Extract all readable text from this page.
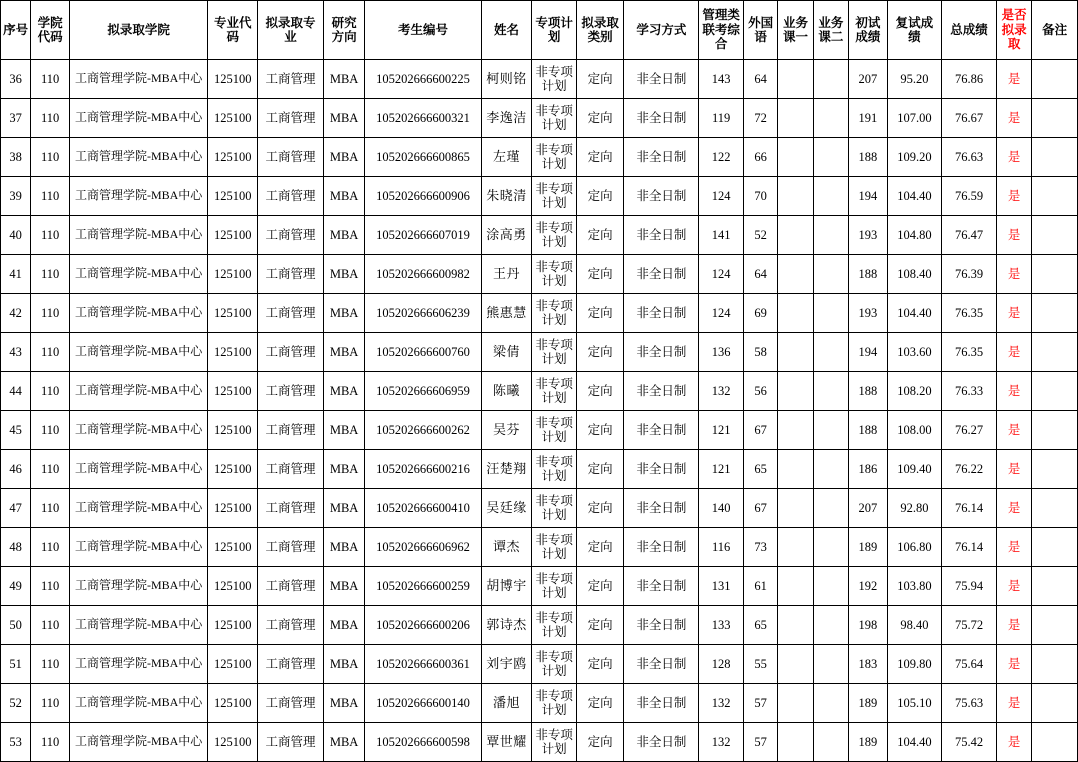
序号	学院代码	拟录取学院	专业代码	拟录取专业	研究方向	考生编号	姓名	专项计划	拟录取类别	学习方式	管理类联考综合	外国语	业务课一	业务课二	初试成绩	复试成绩	总成绩	是否拟录取	备注
36	110	工商管理学院-MBA中心	125100	工商管理	MBA	105202666600225	柯则铭	非专项计划	定向	非全日制	143	64			207	95.20	76.86	是	
37	110	工商管理学院-MBA中心	125100	工商管理	MBA	105202666600321	李逸洁	非专项计划	定向	非全日制	119	72			191	107.00	76.67	是	
38	110	工商管理学院-MBA中心	125100	工商管理	MBA	105202666600865	左瑾	非专项计划	定向	非全日制	122	66			188	109.20	76.63	是	
39	110	工商管理学院-MBA中心	125100	工商管理	MBA	105202666600906	朱晓清	非专项计划	定向	非全日制	124	70			194	104.40	76.59	是	
40	110	工商管理学院-MBA中心	125100	工商管理	MBA	105202666607019	涂高勇	非专项计划	定向	非全日制	141	52			193	104.80	76.47	是	
41	110	工商管理学院-MBA中心	125100	工商管理	MBA	105202666600982	王丹	非专项计划	定向	非全日制	124	64			188	108.40	76.39	是	
42	110	工商管理学院-MBA中心	125100	工商管理	MBA	105202666606239	熊惠慧	非专项计划	定向	非全日制	124	69			193	104.40	76.35	是	
43	110	工商管理学院-MBA中心	125100	工商管理	MBA	105202666600760	梁倩	非专项计划	定向	非全日制	136	58			194	103.60	76.35	是	
44	110	工商管理学院-MBA中心	125100	工商管理	MBA	105202666606959	陈曦	非专项计划	定向	非全日制	132	56			188	108.20	76.33	是	
45	110	工商管理学院-MBA中心	125100	工商管理	MBA	105202666600262	吴芬	非专项计划	定向	非全日制	121	67			188	108.00	76.27	是	
46	110	工商管理学院-MBA中心	125100	工商管理	MBA	105202666600216	汪楚翔	非专项计划	定向	非全日制	121	65			186	109.40	76.22	是	
47	110	工商管理学院-MBA中心	125100	工商管理	MBA	105202666600410	吴廷缘	非专项计划	定向	非全日制	140	67			207	92.80	76.14	是	
48	110	工商管理学院-MBA中心	125100	工商管理	MBA	105202666606962	谭杰	非专项计划	定向	非全日制	116	73			189	106.80	76.14	是	
49	110	工商管理学院-MBA中心	125100	工商管理	MBA	105202666600259	胡博宇	非专项计划	定向	非全日制	131	61			192	103.80	75.94	是	
50	110	工商管理学院-MBA中心	125100	工商管理	MBA	105202666600206	郭诗杰	非专项计划	定向	非全日制	133	65			198	98.40	75.72	是	
51	110	工商管理学院-MBA中心	125100	工商管理	MBA	105202666600361	刘宇鸥	非专项计划	定向	非全日制	128	55			183	109.80	75.64	是	
52	110	工商管理学院-MBA中心	125100	工商管理	MBA	105202666600140	潘旭	非专项计划	定向	非全日制	132	57			189	105.10	75.63	是	
53	110	工商管理学院-MBA中心	125100	工商管理	MBA	105202666600598	覃世耀	非专项计划	定向	非全日制	132	57			189	104.40	75.42	是	
